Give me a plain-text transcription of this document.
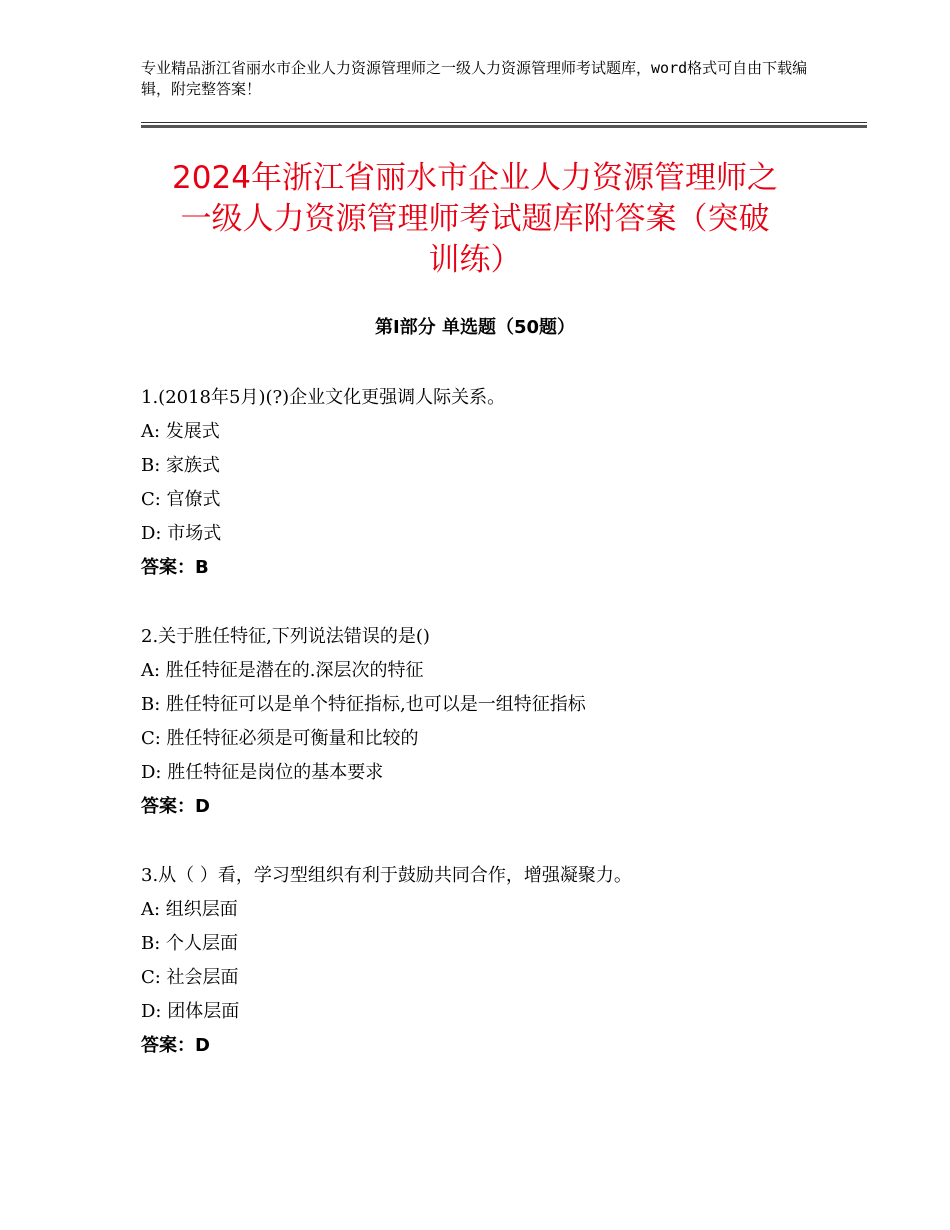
专业精品浙江省丽水市企业人力资源管理师之一级人力资源管理师考试题库，word格式可自由下载编辑，附完整答案！
2024年浙江省丽水市企业人力资源管理师之
一级人力资源管理师考试题库附答案（突破
训练）
第Ⅰ部分 单选题（50题）
1.(2018年5月)(?)企业文化更强调人际关系。
A: 发展式
B: 家族式
C: 官僚式
D: 市场式
答案：B
2.关于胜任特征,下列说法错误的是()
A: 胜任特征是潜在的.深层次的特征
B: 胜任特征可以是单个特征指标,也可以是一组特征指标
C: 胜任特征必须是可衡量和比较的
D: 胜任特征是岗位的基本要求
答案：D
3.从（ ）看，学习型组织有利于鼓励共同合作，增强凝聚力。
A: 组织层面
B: 个人层面
C: 社会层面
D: 团体层面
答案：D
